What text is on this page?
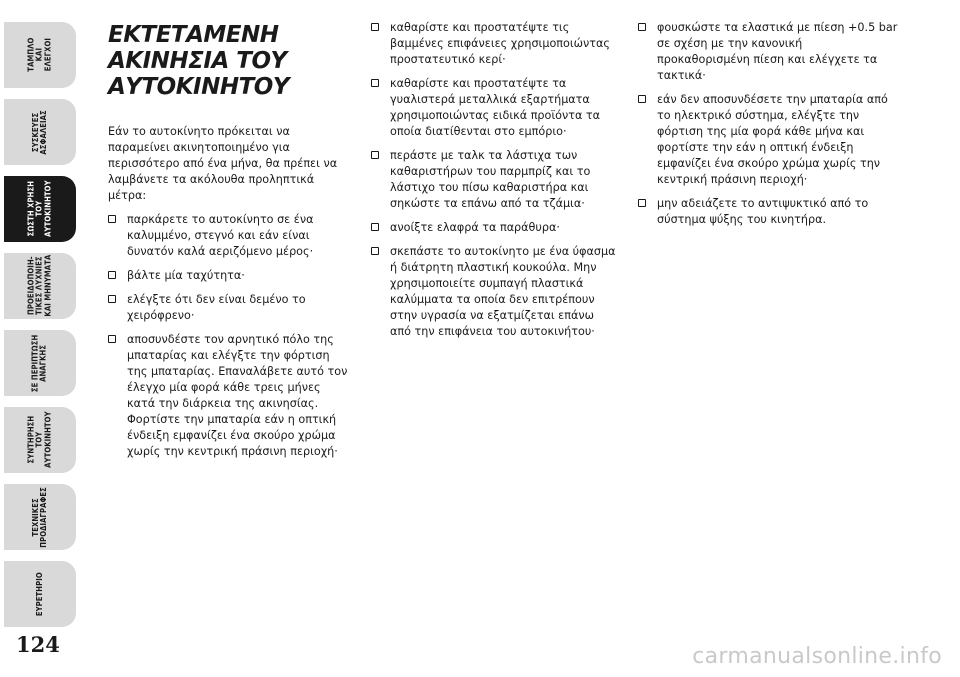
ΤΑΜΠΛΟ ΚΑΙ ΕΛΕΓΧΟΙ
ΣΥΣΚΕΥΕΣ ΑΣΦΑΛΕΙΑΣ
ΣΩΣΤΗ ΧΡΗΣΗ ΤΟΥ ΑΥΤΟΚΙΝΗΤΟΥ
ΠΡΟΕΙΔΟΠΟΙΗ- ΤΙΚΕΣ ΛΥΧΝΙΕΣ ΚΑΙ ΜΗΝΥΜΑΤΑ
ΣΕ ΠΕΡΙΠΤΩΣΗ ΑΝΑΓΚΗΣ
ΣΥΝΤΗΡΗΣΗ ΤΟΥ ΑΥΤΟΚΙΝΗΤΟΥ
ΤΕΧΝΙΚΕΣ ΠΡΟΔΙΑΓΡΑΦΕΣ
ΕΥΡΕΤΗΡΙΟ
124
ΕΚΤΕΤΑΜΕΝΗ ΑΚΙΝΗΣΙΑ ΤΟΥ ΑΥΤΟΚΙΝΗΤΟΥ

Εάν το αυτοκίνητο πρόκειται να παραμείνει ακινητοποιημένο για περισσότερο από ένα μήνα, θα πρέπει να λαμβάνετε τα ακόλουθα προληπτικά μέτρα:

παρκάρετε το αυτοκίνητο σε ένα καλυμμένο, στεγνό και εάν είναι δυνατόν καλά αεριζόμενο μέρος·
βάλτε μία ταχύτητα·
ελέγξτε ότι δεν είναι δεμένο το χειρόφρενο·
αποσυνδέστε τον αρνητικό πόλο της μπαταρίας και ελέγξτε την φόρτιση της μπαταρίας. Επαναλάβετε αυτό τον έλεγχο μία φορά κάθε τρεις μήνες κατά την διάρκεια της ακινησίας. Φορτίστε την μπαταρία εάν η οπτική ένδειξη εμφανίζει ένα σκούρο χρώμα χωρίς την κεντρική πράσινη περιοχή·
καθαρίστε και προστατέψτε τις βαμμένες επιφάνειες χρησιμοποιώντας προστατευτικό κερί·
καθαρίστε και προστατέψτε τα γυαλιστερά μεταλλικά εξαρτήματα χρησιμοποιώντας ειδικά προϊόντα τα οποία διατίθενται στο εμπόριο·
περάστε με ταλκ τα λάστιχα των καθαριστήρων του παρμπρίζ και το λάστιχο του πίσω καθαριστήρα και σηκώστε τα επάνω από τα τζάμια·
ανοίξτε ελαφρά τα παράθυρα·
σκεπάστε το αυτοκίνητο με ένα ύφασμα ή διάτρητη πλαστική κουκούλα. Μην χρησιμοποιείτε συμπαγή πλαστικά καλύμματα τα οποία δεν επιτρέπουν στην υγρασία να εξατμίζεται επάνω από την επιφάνεια του αυτοκινήτου·
φουσκώστε τα ελαστικά με πίεση +0.5 bar σε σχέση με την κανονική προκαθορισμένη πίεση και ελέγχετε τα τακτικά·
εάν δεν αποσυνδέσετε την μπαταρία από το ηλεκτρικό σύστημα, ελέγξτε την φόρτιση της μία φορά κάθε μήνα και φορτίστε την εάν η οπτική ένδειξη εμφανίζει ένα σκούρο χρώμα χωρίς την κεντρική πράσινη περιοχή·
μην αδειάζετε το αντιψυκτικό από το σύστημα ψύξης του κινητήρα.
carmanualsonline.info
